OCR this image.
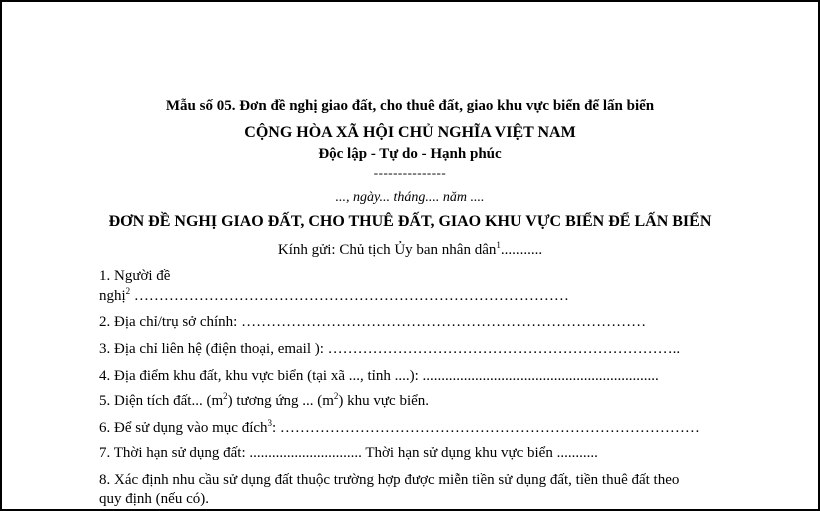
Mẫu số 05. Đơn đề nghị giao đất, cho thuê đất, giao khu vực biển để lấn biển
CỘNG HÒA XÃ HỘI CHỦ NGHĨA VIỆT NAM
Độc lập - Tự do - Hạnh phúc
---------------
..., ngày... tháng.... năm ....
ĐƠN ĐỀ NGHỊ GIAO ĐẤT, CHO THUÊ ĐẤT, GIAO KHU VỰC BIỂN ĐỂ LẤN BIỂN
Kính gửi: Chủ tịch Ủy ban nhân dân$^1$...........
1. Người đề
nghị$^2$ ……………………………………………………………………………
2. Địa chỉ/trụ sở chính: ………………………………………………………………………
3. Địa chỉ liên hệ (điện thoại, email ): ……………………………………………………………..
4. Địa điểm khu đất, khu vực biển (tại xã ..., tỉnh ....): ...............................................................
5. Diện tích đất... $(m^2)$ tương ứng ... $(m^2)$ khu vực biển.
6. Để sử dụng vào mục đích$^3$: …………………………………………………………………………
7. Thời hạn sử dụng đất: .............................. Thời hạn sử dụng khu vực biển ...........
8. Xác định nhu cầu sử dụng đất thuộc trường hợp được miễn tiền sử dụng đất, tiền thuê đất theo
quy định (nếu có).
